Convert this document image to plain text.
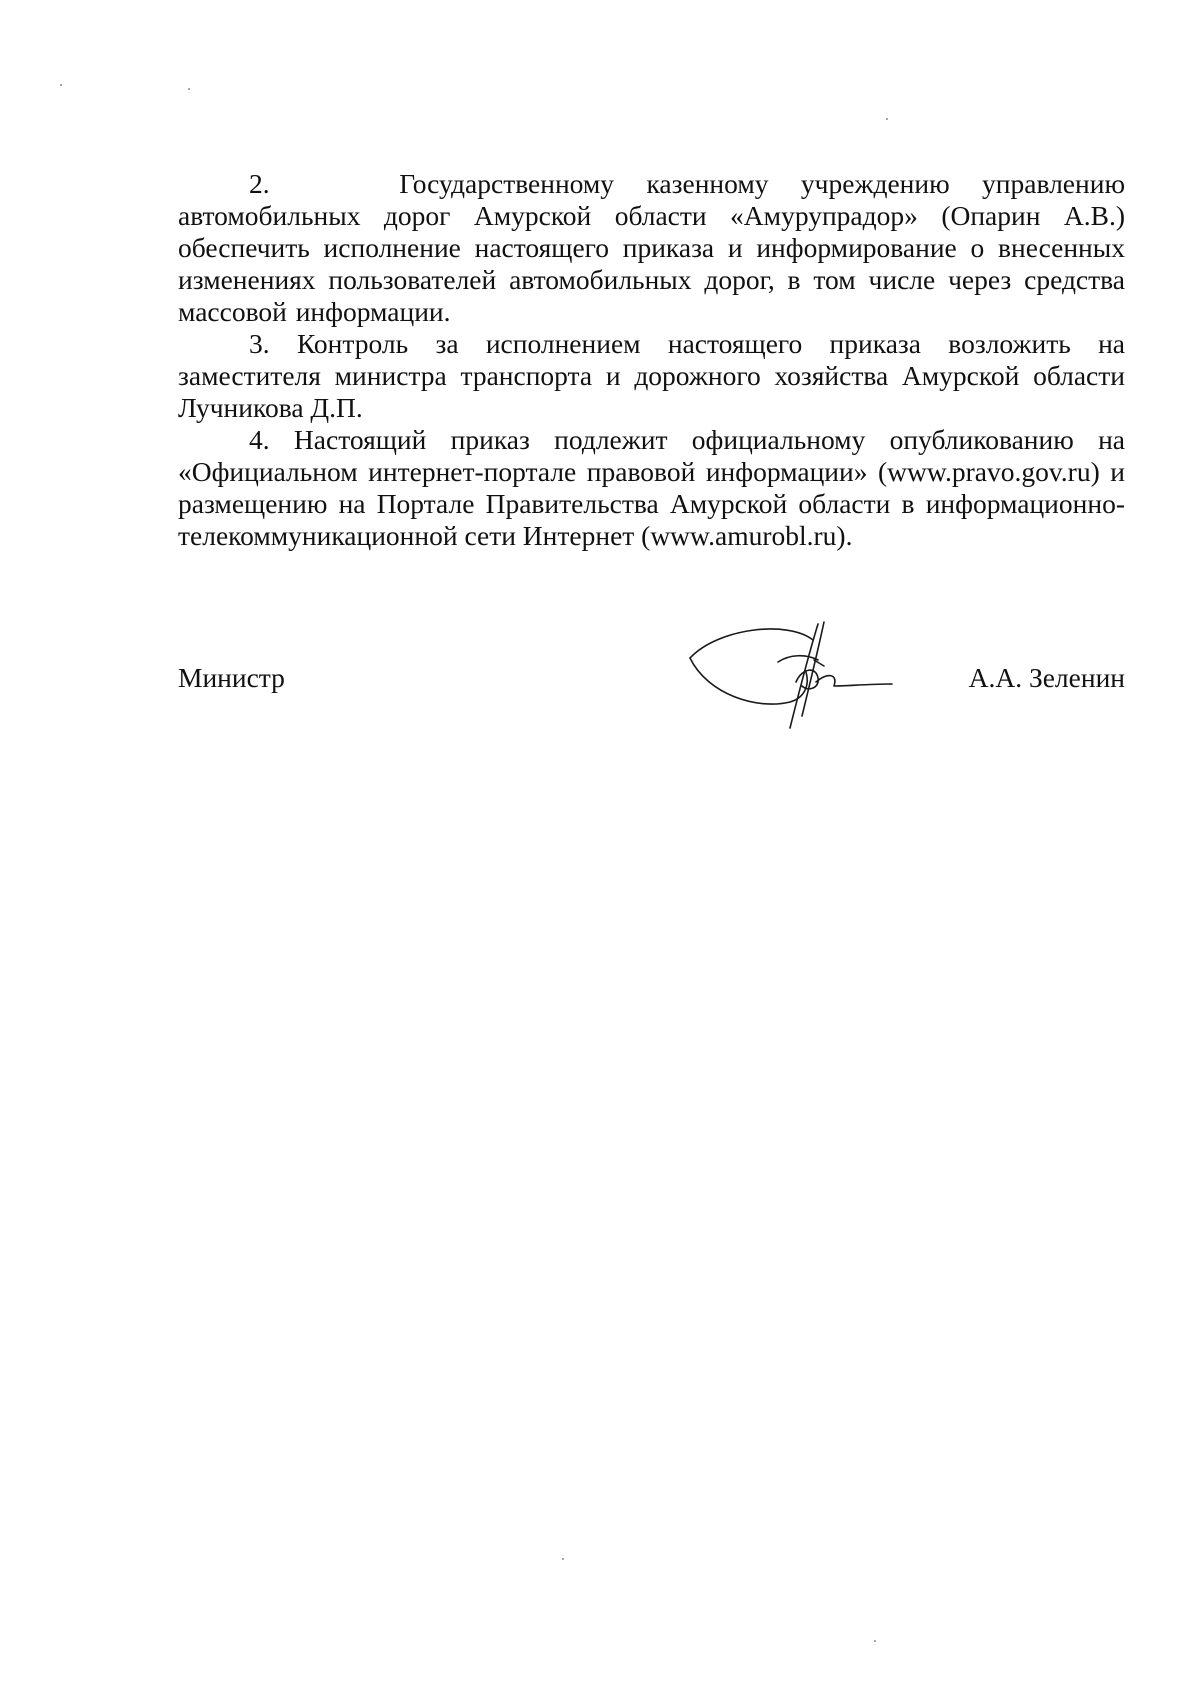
2.    Государственному казенному учреждению управлению автомобильных дорог Амурской области «Амурупрадор» (Опарин А.В.) обеспечить исполнение настоящего приказа и информирование о внесенных изменениях пользователей автомобильных дорог, в том числе через средства массовой информации.

3. Контроль за исполнением настоящего приказа возложить на заместителя министра транспорта и дорожного хозяйства Амурской области Лучникова Д.П.

4. Настоящий приказ подлежит официальному опубликованию на «Официальном интернет-портале правовой информации» (www.pravo.gov.ru) и размещению на Портале Правительства Амурской области в информационно- телекоммуникационной сети Интернет (www.amurobl.ru).

Министр	А.А. Зеленин
